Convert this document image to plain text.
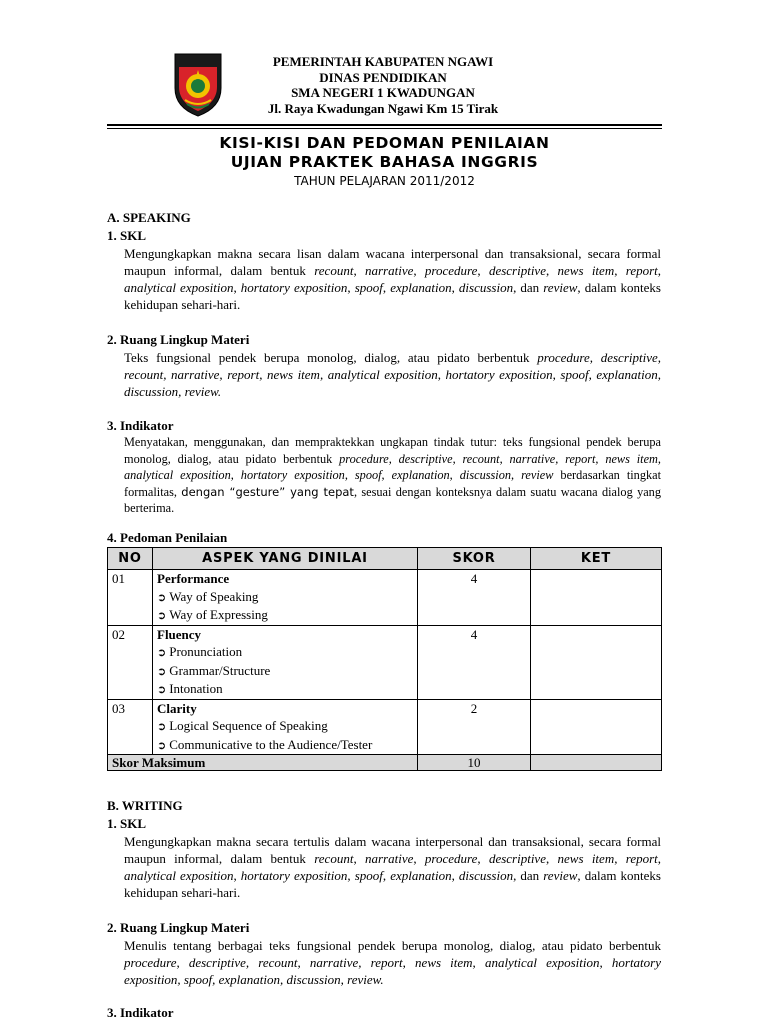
PEMERINTAH KABUPATEN NGAWI
DINAS PENDIDIKAN
SMA NEGERI 1 KWADUNGAN
Jl. Raya Kwadungan Ngawi Km 15 Tirak
KISI-KISI DAN PEDOMAN PENILAIAN
UJIAN PRAKTEK BAHASA INGGRIS
TAHUN PELAJARAN 2011/2012
A. SPEAKING
1. SKL
Mengungkapkan makna secara lisan dalam wacana interpersonal dan transaksional, secara formal maupun informal, dalam bentuk recount, narrative, procedure, descriptive, news item, report, analytical exposition, hortatory exposition, spoof, explanation, discussion, dan review, dalam konteks kehidupan sehari-hari.
2. Ruang Lingkup Materi
Teks fungsional pendek berupa monolog, dialog, atau pidato berbentuk procedure, descriptive, recount, narrative, report, news item, analytical exposition, hortatory exposition, spoof, explanation, discussion, review.
3. Indikator
Menyatakan, menggunakan, dan mempraktekkan ungkapan tindak tutur: teks fungsional pendek berupa monolog, dialog, atau pidato berbentuk procedure, descriptive, recount, narrative, report, news item, analytical exposition, hortatory exposition, spoof, explanation, discussion, review berdasarkan tingkat formalitas, dengan “gesture” yang tepat, sesuai dengan konteksnya dalam suatu wacana dialog yang berterima.
4. Pedoman Penilaian
NO	ASPEK YANG DINILAI	SKOR	KET
01	Performance
➲ Way of Speaking
➲ Way of Expressing	4	
02	Fluency
➲ Pronunciation
➲ Grammar/Structure
➲ Intonation	4	
03	Clarity
➲ Logical Sequence of Speaking
➲ Communicative to the Audience/Tester	2	
Skor Maksimum		10	
B. WRITING
1. SKL
Mengungkapkan makna secara tertulis dalam wacana interpersonal dan transaksional, secara formal maupun informal, dalam bentuk recount, narrative, procedure, descriptive, news item, report, analytical exposition, hortatory exposition, spoof, explanation, discussion, dan review, dalam konteks kehidupan sehari-hari.
2. Ruang Lingkup Materi
Menulis tentang berbagai teks fungsional pendek berupa monolog, dialog, atau pidato berbentuk procedure, descriptive, recount, narrative, report, news item, analytical exposition, hortatory exposition, spoof, explanation, discussion, review.
3. Indikator
